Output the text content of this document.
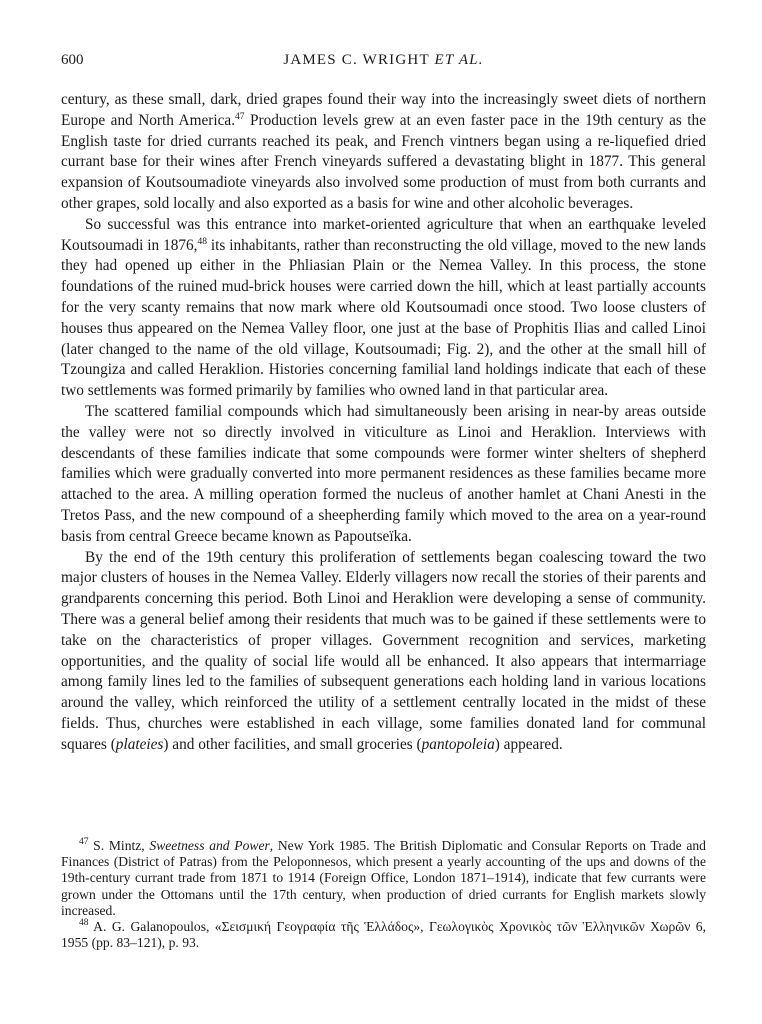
600	JAMES C. WRIGHT ET AL.

century, as these small, dark, dried grapes found their way into the increasingly sweet diets of northern Europe and North America.$^{47}$ Production levels grew at an even faster pace in the 19th century as the English taste for dried currants reached its peak, and French vintners began using a re-liquefied dried currant base for their wines after French vineyards suffered a devastating blight in 1877. This general expansion of Koutsoumadiote vineyards also involved some production of must from both currants and other grapes, sold locally and also exported as a basis for wine and other alcoholic beverages.

So successful was this entrance into market-oriented agriculture that when an earthquake leveled Koutsoumadi in 1876,48 its inhabitants, rather than reconstructing the old village, moved to the new lands they had opened up either in the Phliasian Plain or the Nemea Valley. In this process, the stone foundations of the ruined mud-brick houses were carried down the hill, which at least partially accounts for the very scanty remains that now mark where old Koutsoumadi once stood. Two loose clusters of houses thus appeared on the Nemea Valley floor, one just at the base of Prophitis Ilias and called Linoi (later changed to the name of the old village, Koutsoumadi; Fig. 2), and the other at the small hill of Tzoungiza and called Heraklion. Histories concerning familial land holdings indicate that each of these two settlements was formed primarily by families who owned land in that particular area.

The scattered familial compounds which had simultaneously been arising in near-by areas outside the valley were not so directly involved in viticulture as Linoi and Heraklion. Interviews with descendants of these families indicate that some compounds were former winter shelters of shepherd families which were gradually converted into more permanent residences as these families became more attached to the area. A milling operation formed the nucleus of another hamlet at Chani Anesti in the Tretos Pass, and the new compound of a sheepherding family which moved to the area on a year-round basis from central Greece became known as Papoutseïka.

By the end of the 19th century this proliferation of settlements began coalescing toward the two major clusters of houses in the Nemea Valley. Elderly villagers now recall the stories of their parents and grandparents concerning this period. Both Linoi and Heraklion were developing a sense of community. There was a general belief among their residents that much was to be gained if these settlements were to take on the characteristics of proper villages. Government recognition and services, marketing opportunities, and the quality of social life would all be enhanced. It also appears that intermarriage among family lines led to the families of subsequent generations each holding land in various locations around the valley, which reinforced the utility of a settlement centrally located in the midst of these fields. Thus, churches were established in each village, some families donated land for communal squares (plateies) and other facilities, and small groceries (pantopoleia) appeared.

$^{47}$ S. Mintz, Sweetness and Power, New York 1985. The British Diplomatic and Consular Reports on Trade and Finances (District of Patras) from the Peloponnesos, which present a yearly accounting of the ups and downs of the 19th-century currant trade from 1871 to 1914 (Foreign Office, London 1871–1914), indicate that few currants were grown under the Ottomans until the 17th century, when production of dried currants for English markets slowly increased.

$^{48}$ A. G. Galanopoulos, «Σεισμική Γεογραφία τῆς Ἑλλάδος», Γεωλογικὸς Χρονικὸς τῶν Ἑλληνικῶν Χωρῶν 6, 1955 (pp. 83–121), p. 93.
